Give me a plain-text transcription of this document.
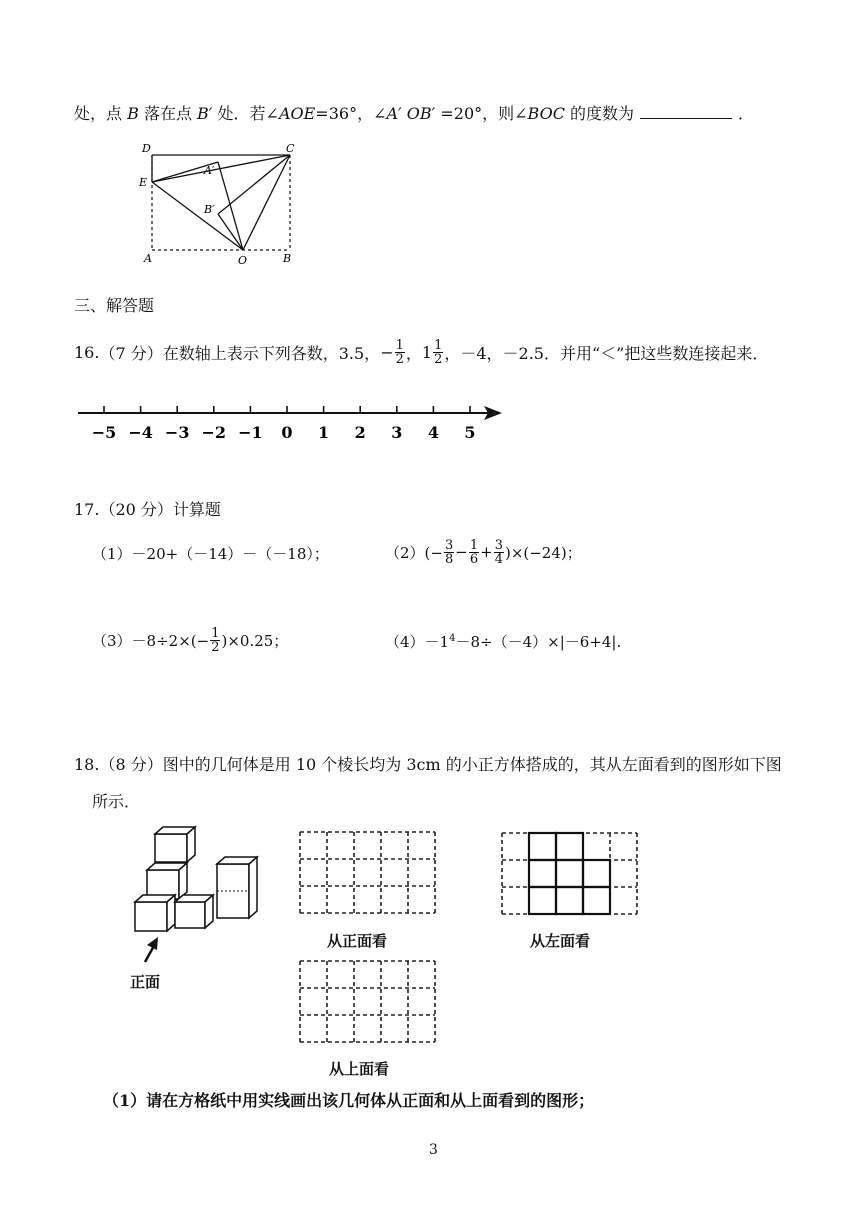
处，点 B 落在点 B′ 处．若∠AOE=36°，∠A′ OB′ =20°，则∠BOC 的度数为	．
D	C
E
A′
B′
A	O	B
三、解答题
16. （7 分） 在数轴上表示下列各数，3.5， − $\frac{1}{2}$ ， $1 \frac{1}{2}$ ，－4，－2.5．并用“＜”把这些数连接起来．
−5 −4 −3 −2 −1 0 1 2 3 4 5
17.（20 分）计算题
（1）－20+（－14）－（－18）；	$(2)(- \frac{3}{8} - \frac{1}{6} + \frac{3}{4} )\times(-24)$；
$(3)-8\div 2\times(- \frac{1}{2} )\times 0.25$；	$(4)-1^4-8\div(-4)\times|-6+4|$.
18.（8 分）图中的几何体是用 10 个棱长均为 3cm 的小正方体搭成的，其从左面看到的图形如下图
所示．
正面
从正面看	从左面看
从上面看
（1）请在方格纸中用实线画出该几何体从正面和从上面看到的图形；
3
